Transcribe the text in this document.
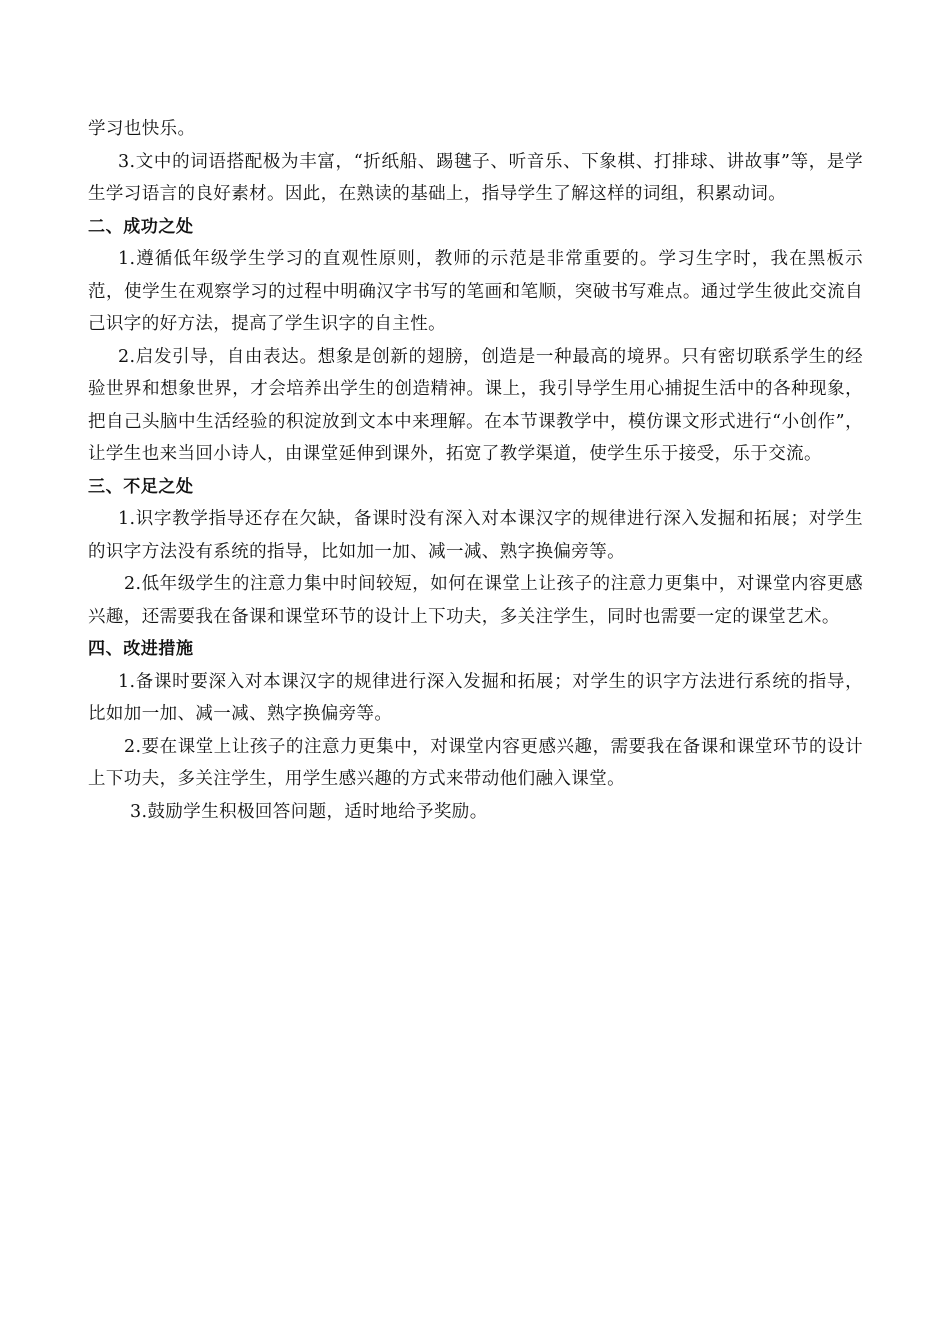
学习也快乐。

3.文中的词语搭配极为丰富，“折纸船、踢毽子、听音乐、下象棋、打排球、讲故事”等，是学生学习语言的良好素材。因此，在熟读的基础上，指导学生了解这样的词组，积累动词。

二、成功之处

1.遵循低年级学生学习的直观性原则，教师的示范是非常重要的。学习生字时，我在黑板示范，使学生在观察学习的过程中明确汉字书写的笔画和笔顺，突破书写难点。通过学生彼此交流自己识字的好方法，提高了学生识字的自主性。

2.启发引导，自由表达。想象是创新的翅膀，创造是一种最高的境界。只有密切联系学生的经验世界和想象世界，才会培养出学生的创造精神。课上，我引导学生用心捕捉生活中的各种现象，把自己头脑中生活经验的积淀放到文本中来理解。在本节课教学中，模仿课文形式进行“小创作”，让学生也来当回小诗人，由课堂延伸到课外，拓宽了教学渠道，使学生乐于接受，乐于交流。

三、不足之处

1.识字教学指导还存在欠缺，备课时没有深入对本课汉字的规律进行深入发掘和拓展；对学生的识字方法没有系统的指导，比如加一加、减一减、熟字换偏旁等。

2.低年级学生的注意力集中时间较短，如何在课堂上让孩子的注意力更集中，对课堂内容更感兴趣，还需要我在备课和课堂环节的设计上下功夫，多关注学生，同时也需要一定的课堂艺术。

四、改进措施

1.备课时要深入对本课汉字的规律进行深入发掘和拓展；对学生的识字方法进行系统的指导，比如加一加、减一减、熟字换偏旁等。

2.要在课堂上让孩子的注意力更集中，对课堂内容更感兴趣，需要我在备课和课堂环节的设计上下功夫，多关注学生，用学生感兴趣的方式来带动他们融入课堂。

3.鼓励学生积极回答问题，适时地给予奖励。
